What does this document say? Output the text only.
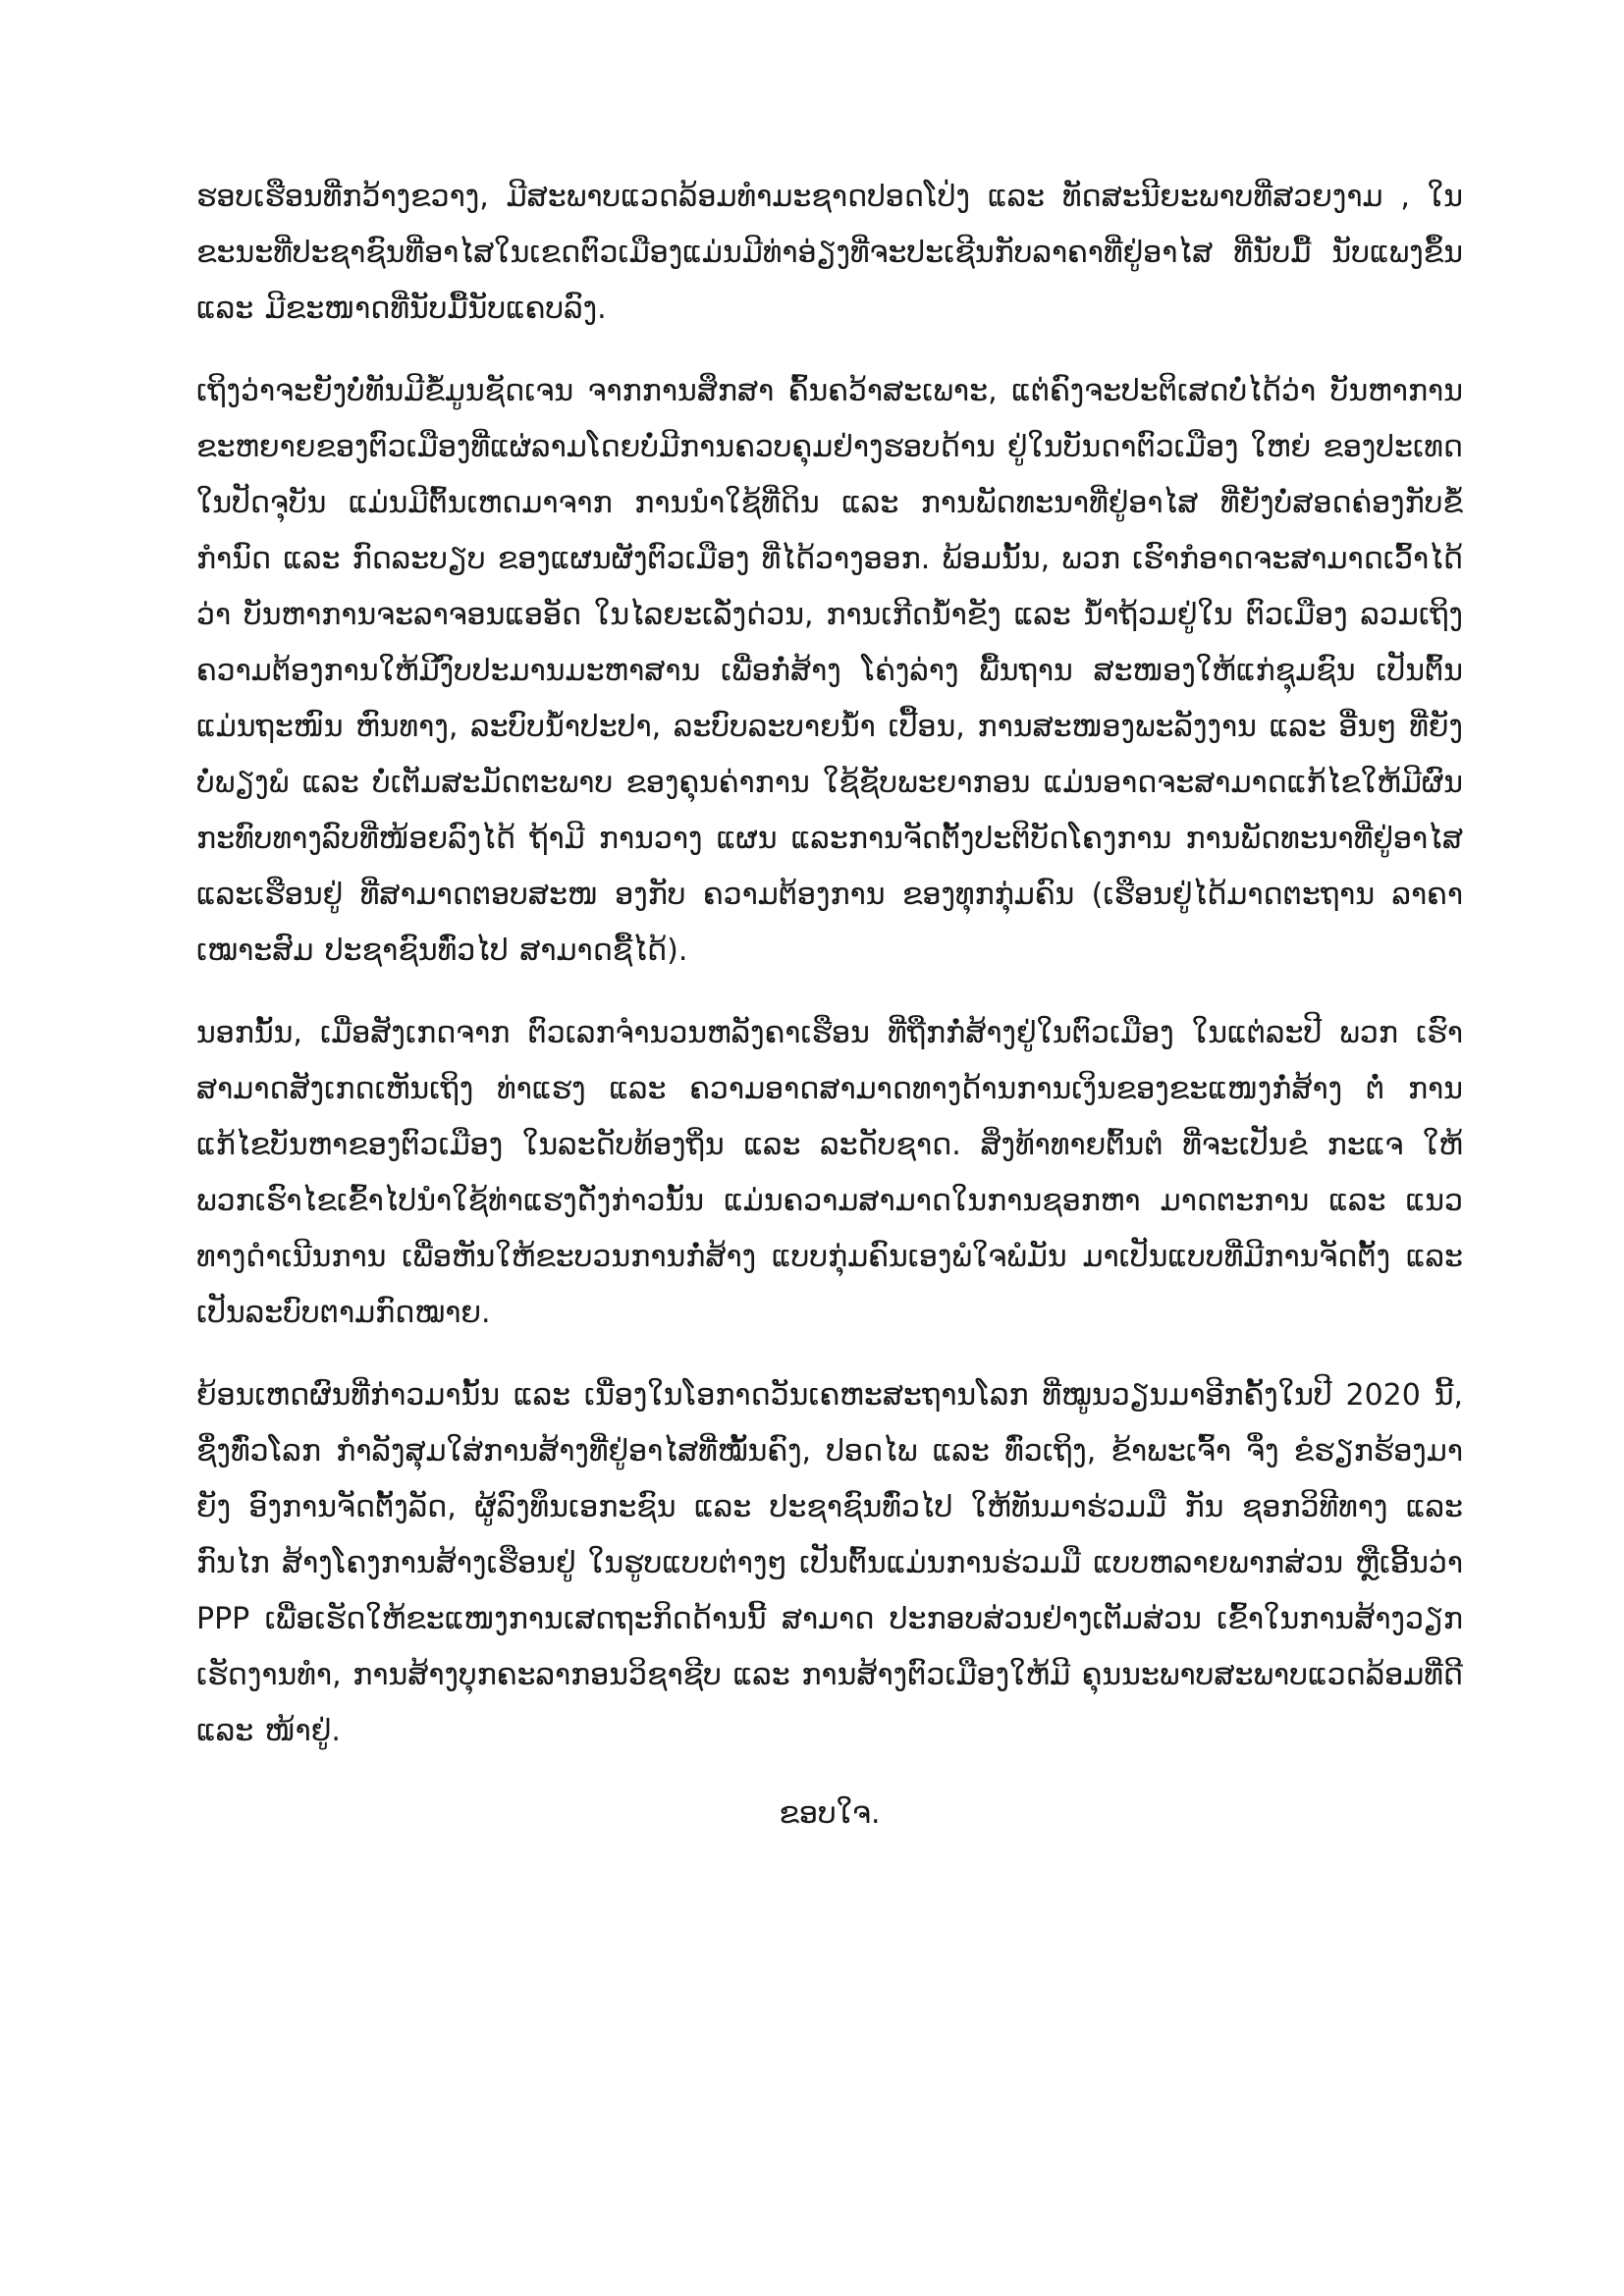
ຮອບເຮືອນທີ່ກວ້າງຂວາງ, ມີສະພາບແວດລ້ອມທຳມະຊາດປອດໂປ່ງ ແລະ ທັດສະນີຍະພາບທີ່ສວຍງາມ , ໃນຂະນະທີ່ປະຊາຊົນທີ່ອາໄສໃນເຂດຕົວເມືອງແມ່ນມີທ່າອ່ຽງທີ່ຈະປະເຊີນກັບລາຄາທີ່ຢູ່ອາໄສ ທີ່ນັບມື້ ນັບແພງຂຶ້ນ ແລະ ມີຂະໜາດທີ່ນັບມື້ນັບແຄບລົງ.

ເຖິງວ່າຈະຍັງບໍ່ທັນມີຂໍ້ມູນຊັດເຈນ ຈາກການສຶກສາ ຄົ້ນຄວ້າສະເພາະ, ແຕ່ຄົງຈະປະຕິເສດບໍ່ໄດ້ວ່າ ບັນຫາການຂະຫຍາຍຂອງຕົວເມືອງທີ່ແຜ່ລາມໂດຍບໍ່ມີການຄວບຄຸມຢ່າງຮອບດ້ານ ຢູ່ໃນບັນດາຕົວເມືອງ ໃຫຍ່ ຂອງປະເທດໃນປັດຈຸບັນ ແມ່ນມີຕົ້ນເຫດມາຈາກ ການນຳໃຊ້ທີ່ດິນ ແລະ ການພັດທະນາທີ່ຢູ່ອາໄສ ທີ່ຍັງບໍ່ສອດຄ່ອງກັບຂໍ້ກຳນົດ ແລະ ກົດລະບຽບ ຂອງແຜນຜັງຕົວເມືອງ ທີ່ໄດ້ວາງອອກ. ພ້ອມນັ້ນ, ພວກ ເຮົາກໍອາດຈະສາມາດເວົ້າໄດ້ວ່າ ບັນຫາການຈະລາຈອນແອອັດ ໃນໄລຍະເລັ່ງດ່ວນ, ການເກີດນ້ຳຂັງ ແລະ ນ້ຳຖ້ວມຢູ່ໃນ ຕົວເມືອງ ລວມເຖິງຄວາມຕ້ອງການໃຫ້ມີງົບປະມານມະຫາສານ ເພື່ອກໍ່ສ້າງ ໂຄ່ງລ່າງ ພື້ນຖານ ສະໜອງໃຫ້ແກ່ຊຸມຊົນ ເປັນຕົ້ນແມ່ນຖະໜົນ ຫົນທາງ, ລະບົບນ້ຳປະປາ, ລະບົບລະບາຍນ້ຳ ເປື້ອນ, ການສະໜອງພະລັງງານ ແລະ ອື່ນໆ ທີ່ຍັງບໍ່ພຽງພໍ ແລະ ບໍ່ເຕັມສະມັດຕະພາບ ຂອງຄຸນຄ່າການ ໃຊ້ຊັບພະຍາກອນ ແມ່ນອາດຈະສາມາດແກ້ໄຂໃຫ້ມີຜົນກະທົບທາງລົບທີ່ໜ້ອຍລົງໄດ້ ຖ້າມີ ການວາງ ແຜນ ແລະການຈັດຕັ້ງປະຕິບັດໂຄງການ ການພັດທະນາທີ່ຢູ່ອາໄສ ແລະເຮືອນຢູ່ ທີ່ສາມາດຕອບສະໜ ອງກັບ ຄວາມຕ້ອງການ ຂອງທຸກກຸ່ມຄົນ (ເຮືອນຢູ່ໄດ້ມາດຕະຖານ ລາຄາເໝາະສົມ ປະຊາຊົນທົ່ວໄປ ສາມາດຊື້ໄດ້).

ນອກນັ້ນ, ເມື່ອສັງເກດຈາກ ຕົວເລກຈຳນວນຫລັງຄາເຮືອນ ທີ່ຖືກກໍ່ສ້າງຢູ່ໃນຕົວເມືອງ ໃນແຕ່ລະປີ ພວກ ເຮົາສາມາດສັງເກດເຫັນເຖິງ ທ່າແຮງ ແລະ ຄວາມອາດສາມາດທາງດ້ານການເງິນຂອງຂະແໜງກໍ່ສ້າງ ຕໍ່ ການແກ້ໄຂບັນຫາຂອງຕົວເມືອງ ໃນລະດັບທ້ອງຖິ່ນ ແລະ ລະດັບຊາດ. ສິ່ງທ້າທາຍຕົ້ນຕໍ ທີ່ຈະເປັນຂໍ ກະແຈ ໃຫ້ພວກເຮົາໄຂເຂົ້າໄປນຳໃຊ້ທ່າແຮງດັ່ງກ່າວນັ້ນ ແມ່ນຄວາມສາມາດໃນການຊອກຫາ ມາດຕະການ ແລະ ແນວທາງດຳເນີນການ ເພື່ອຫັນໃຫ້ຂະບວນການກໍ່ສ້າງ ແບບກຸ່ມຄົນເອງພໍໃຈພໍມັນ ມາເປັນແບບທີ່ມີການຈັດຕັ້ງ ແລະ ເປັນລະບົບຕາມກົດໝາຍ.

ຍ້ອນເຫດຜົນທີ່ກ່າວມານັ້ນ ແລະ ເນື່ອງໃນໂອກາດວັນເຄຫະສະຖານໂລກ ທີ່ໝູນວຽນມາອີກຄັ້ງໃນປີ 2020 ນີ້, ຊຶ່ງທົ່ວໂລກ ກຳລັງສຸມໃສ່ການສ້າງທີ່ຢູ່ອາໄສທີ່ໝັ້ນຄົງ, ປອດໄພ ແລະ ທົ່ວເຖິງ, ຂ້າພະເຈົ້າ ຈຶ່ງ ຂໍຮຽກຮ້ອງມາຍັງ ອົງການຈັດຕັ້ງລັດ, ຜູ້ລົງທຶນເອກະຊົນ ແລະ ປະຊາຊົນທົ່ວໄປ ໃຫ້ທັນມາຮ່ວມມື ກັນ ຊອກວິທີທາງ ແລະ ກົນໄກ ສ້າງໂຄງການສ້າງເຮືອນຢູ່ ໃນຮູບແບບຕ່າງໆ ເປັນຕົ້ນແມ່ນການຮ່ວມມື ແບບຫລາຍພາກສ່ວນ ຫຼືເອີ້ນວ່າ PPP ເພື່ອເຮັດໃຫ້ຂະແໜງການເສດຖະກິດດ້ານນີ້ ສາມາດ ປະກອບສ່ວນຢ່າງເຕັມສ່ວນ ເຂົ້າໃນການສ້າງວຽກເຮັດງານທຳ, ການສ້າງບຸກຄະລາກອນວິຊາຊີບ ແລະ ການສ້າງຕົວເມືອງໃຫ້ມີ ຄຸນນະພາບສະພາບແວດລ້ອມທີ່ດີ ແລະ ໜ້າຢູ່.

ຂອບໃຈ.
